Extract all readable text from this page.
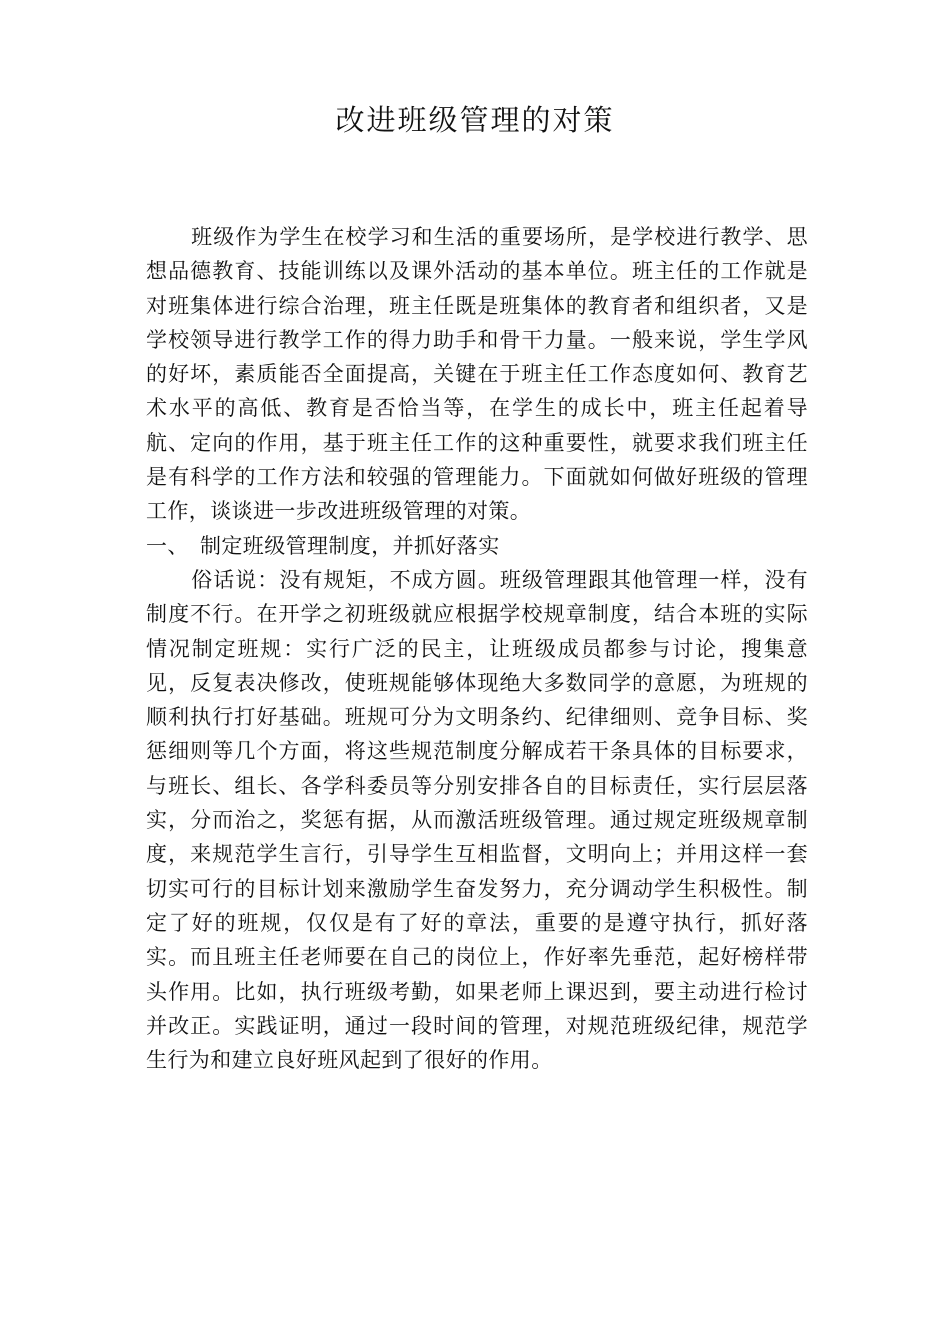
改进班级管理的对策

班级作为学生在校学习和生活的重要场所，是学校进行教学、思想品德教育、技能训练以及课外活动的基本单位。班主任的工作就是对班集体进行综合治理，班主任既是班集体的教育者和组织者，又是学校领导进行教学工作的得力助手和骨干力量。一般来说，学生学风的好坏，素质能否全面提高，关键在于班主任工作态度如何、教育艺术水平的高低、教育是否恰当等，在学生的成长中，班主任起着导航、定向的作用，基于班主任工作的这种重要性，就要求我们班主任是有科学的工作方法和较强的管理能力。下面就如何做好班级的管理工作，谈谈进一步改进班级管理的对策。

一、 制定班级管理制度，并抓好落实

俗话说：没有规矩，不成方圆。班级管理跟其他管理一样，没有制度不行。在开学之初班级就应根据学校规章制度，结合本班的实际情况制定班规：实行广泛的民主，让班级成员都参与讨论，搜集意见，反复表决修改，使班规能够体现绝大多数同学的意愿，为班规的顺利执行打好基础。班规可分为文明条约、纪律细则、竞争目标、奖惩细则等几个方面，将这些规范制度分解成若干条具体的目标要求，与班长、组长、各学科委员等分别安排各自的目标责任，实行层层落实，分而治之，奖惩有据，从而激活班级管理。通过规定班级规章制度，来规范学生言行，引导学生互相监督，文明向上；并用这样一套切实可行的目标计划来激励学生奋发努力，充分调动学生积极性。制定了好的班规，仅仅是有了好的章法，重要的是遵守执行，抓好落实。而且班主任老师要在自己的岗位上，作好率先垂范，起好榜样带头作用。比如，执行班级考勤，如果老师上课迟到，要主动进行检讨并改正。实践证明，通过一段时间的管理，对规范班级纪律，规范学生行为和建立良好班风起到了很好的作用。
